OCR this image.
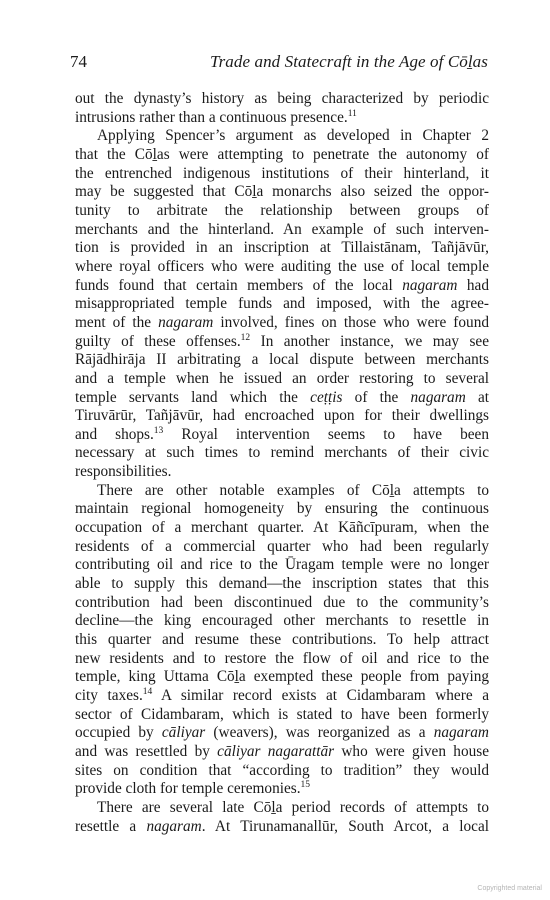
74	Trade and Statecraft in the Age of Cōḻas

out the dynasty’s history as being characterized by periodic
intrusions rather than a continuous presence.$^{11}$

Applying Spencer’s argument as developed in Chapter 2
that the Cōḻas were attempting to penetrate the autonomy of
the entrenched indigenous institutions of their hinterland, it
may be suggested that Cōḻa monarchs also seized the oppor-
tunity to arbitrate the relationship between groups of
merchants and the hinterland. An example of such interven-
tion is provided in an inscription at Tillaistānam, Tañjāvūr,
where royal officers who were auditing the use of local temple
funds found that certain members of the local nagaram had
misappropriated temple funds and imposed, with the agree-
ment of the nagaram involved, fines on those who were found
guilty of these offenses.$^{12}$ In another instance, we may see
Rājādhirāja II arbitrating a local dispute between merchants
and a temple when he issued an order restoring to several
temple servants land which the ceṭṭis of the nagaram at
Tiruvārūr, Tañjāvūr, had encroached upon for their dwellings
and shops.$^{13}$ Royal intervention seems to have been
necessary at such times to remind merchants of their civic
responsibilities.

There are other notable examples of Cōḻa attempts to
maintain regional homogeneity by ensuring the continuous
occupation of a merchant quarter. At Kāñcīpuram, when the
residents of a commercial quarter who had been regularly
contributing oil and rice to the Ūragam temple were no longer
able to supply this demand—the inscription states that this
contribution had been discontinued due to the community’s
decline—the king encouraged other merchants to resettle in
this quarter and resume these contributions. To help attract
new residents and to restore the flow of oil and rice to the
temple, king Uttama Cōḻa exempted these people from paying
city taxes.$^{14}$ A similar record exists at Cidambaram where a
sector of Cidambaram, which is stated to have been formerly
occupied by cāliyar (weavers), was reorganized as a nagaram
and was resettled by cāliyar nagarattār who were given house
sites on condition that “according to tradition” they would
provide cloth for temple ceremonies.$^{15}$

There are several late Cōḻa period records of attempts to
resettle a nagaram. At Tirunamanallūr, South Arcot, a local

Copyrighted material
